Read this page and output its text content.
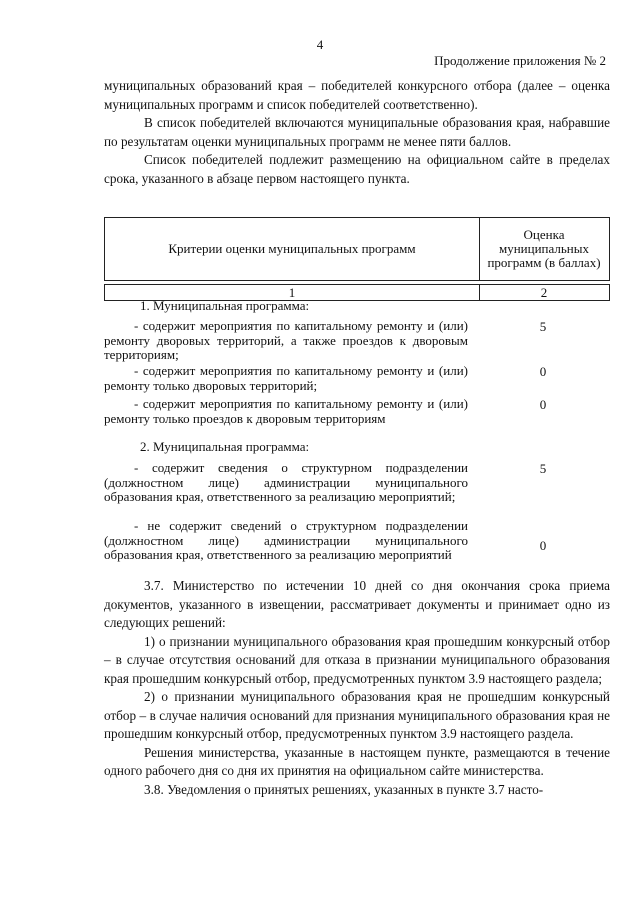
4
Продолжение приложения № 2

муниципальных образований края – победителей конкурсного отбора (далее – оценка муниципальных программ и список победителей соответственно).

В список победителей включаются муниципальные образования края, набравшие по результатам оценки муниципальных программ не менее пяти баллов.

Список победителей подлежит размещению на официальном сайте в пределах срока, указанного в абзаце первом настоящего пункта.

Критерии оценки муниципальных программ
Оценка муниципальных программ (в баллах)
1	2
1. Муниципальная программа:
- содержит мероприятия по капитальному ремонту и (или) ремонту дворовых территорий, а также проездов к дворовым территориям;
5
- содержит мероприятия по капитальному ремонту и (или) ремонту только дворовых территорий;
0
- содержит мероприятия по капитальному ремонту и (или) ремонту только проездов к дворовым территориям
0
2. Муниципальная программа:
- содержит сведения о структурном подразделении (должностном лице) администрации муниципального образования края, ответственного за реализацию мероприятий;
5
- не содержит сведений о структурном подразделении (должностном лице) администрации муниципального образования края, ответственного за реализацию мероприятий
0

3.7. Министерство по истечении 10 дней со дня окончания срока приема документов, указанного в извещении, рассматривает документы и принимает одно из следующих решений:

1) о признании муниципального образования края прошедшим конкурсный отбор – в случае отсутствия оснований для отказа в признании муниципального образования края прошедшим конкурсный отбор, предусмотренных пунктом 3.9 настоящего раздела;

2) о признании муниципального образования края не прошедшим конкурсный отбор – в случае наличия оснований для признания муниципального образования края не прошедшим конкурсный отбор, предусмотренных пунктом 3.9 настоящего раздела.

Решения министерства, указанные в настоящем пункте, размещаются в течение одного рабочего дня со дня их принятия на официальном сайте министерства.

3.8. Уведомления о принятых решениях, указанных в пункте 3.7 насто-
